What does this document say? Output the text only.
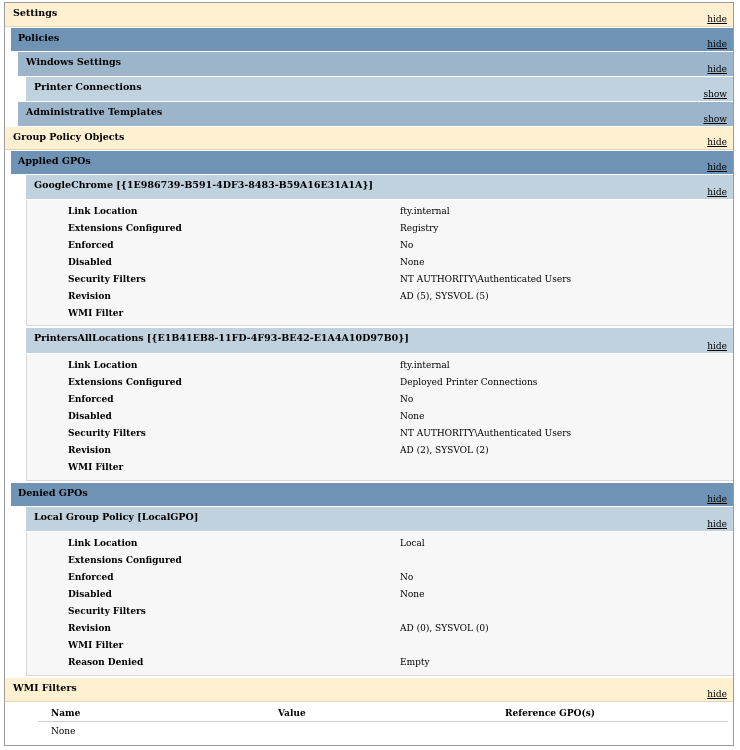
Settings
hide
Policies
hide
Windows Settings
hide
Printer Connections
show
Administrative Templates
show
Group Policy Objects	hide
Applied GPOs
hide
GoogleChrome [{1E986739-B591-4DF3-8483-B59A16E31A1A}]
hide
Link Location	fty.internal
Extensions Configured	Registry
Enforced	No
Disabled	None
Security Filters	NT AUTHORITY\Authenticated Users
Revision	AD (5), SYSVOL (5)
WMI Filter
PrintersAllLocations [{E1B41EB8-11FD-4F93-BE42-E1A4A10D97B0}]
hide
Link Location	fty.internal
Extensions Configured	Deployed Printer Connections
Enforced	No
Disabled	None
Security Filters	NT AUTHORITY\Authenticated Users
Revision	AD (2), SYSVOL (2)
WMI Filter
Denied GPOs
hide
Local Group Policy [LocalGPO]
hide
Link Location	Local
Extensions Configured
Enforced	No
Disabled	None
Security Filters
Revision	AD (0), SYSVOL (0)
WMI Filter
Reason Denied	Empty
WMI Filters
hide
Name	Value	Reference GPO(s)
None
